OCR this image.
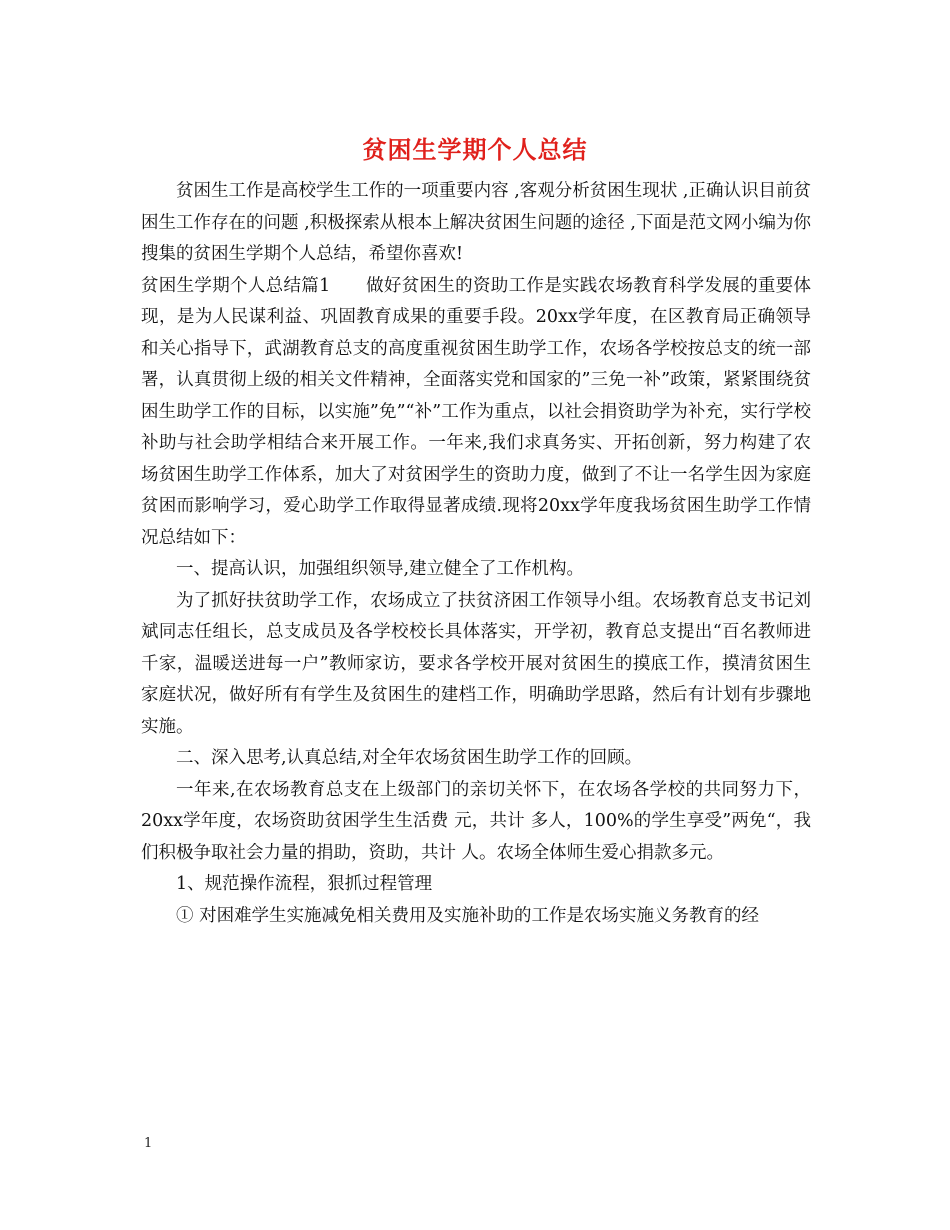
贫困生学期个人总结

贫困生工作是高校学生工作的一项重要内容 ,客观分析贫困生现状 ,正确认识目前贫困生工作存在的问题 ,积极探索从根本上解决贫困生问题的途径 ,下面是范文网小编为你搜集的贫困生学期个人总结，希望你喜欢!

贫困生学期个人总结篇1　　做好贫困生的资助工作是实践农场教育科学发展的重要体现，是为人民谋利益、巩固教育成果的重要手段。20xx学年度，在区教育局正确领导和关心指导下，武湖教育总支的高度重视贫困生助学工作，农场各学校按总支的统一部署，认真贯彻上级的相关文件精神，全面落实党和国家的”三免一补”政策，紧紧围绕贫困生助学工作的目标，以实施”免”“补”工作为重点，以社会捐资助学为补充，实行学校补助与社会助学相结合来开展工作。一年来,我们求真务实、开拓创新，努力构建了农场贫困生助学工作体系，加大了对贫困学生的资助力度，做到了不让一名学生因为家庭贫困而影响学习，爱心助学工作取得显著成绩.现将20xx学年度我场贫困生助学工作情况总结如下：

一、提高认识，加强组织领导,建立健全了工作机构。

为了抓好扶贫助学工作，农场成立了扶贫济困工作领导小组。农场教育总支书记刘斌同志任组长，总支成员及各学校校长具体落实，开学初，教育总支提出“百名教师进千家，温暖送进每一户”教师家访，要求各学校开展对贫困生的摸底工作，摸清贫困生家庭状况，做好所有有学生及贫困生的建档工作，明确助学思路，然后有计划有步骤地实施。

二、深入思考,认真总结,对全年农场贫困生助学工作的回顾。

一年来,在农场教育总支在上级部门的亲切关怀下，在农场各学校的共同努力下，20xx学年度，农场资助贫困学生生活费 元，共计 多人，100%的学生享受”两免“，我们积极争取社会力量的捐助，资助，共计 人。农场全体师生爱心捐款多元。

1、规范操作流程，狠抓过程管理

① 对困难学生实施减免相关费用及实施补助的工作是农场实施义务教育的经

1
